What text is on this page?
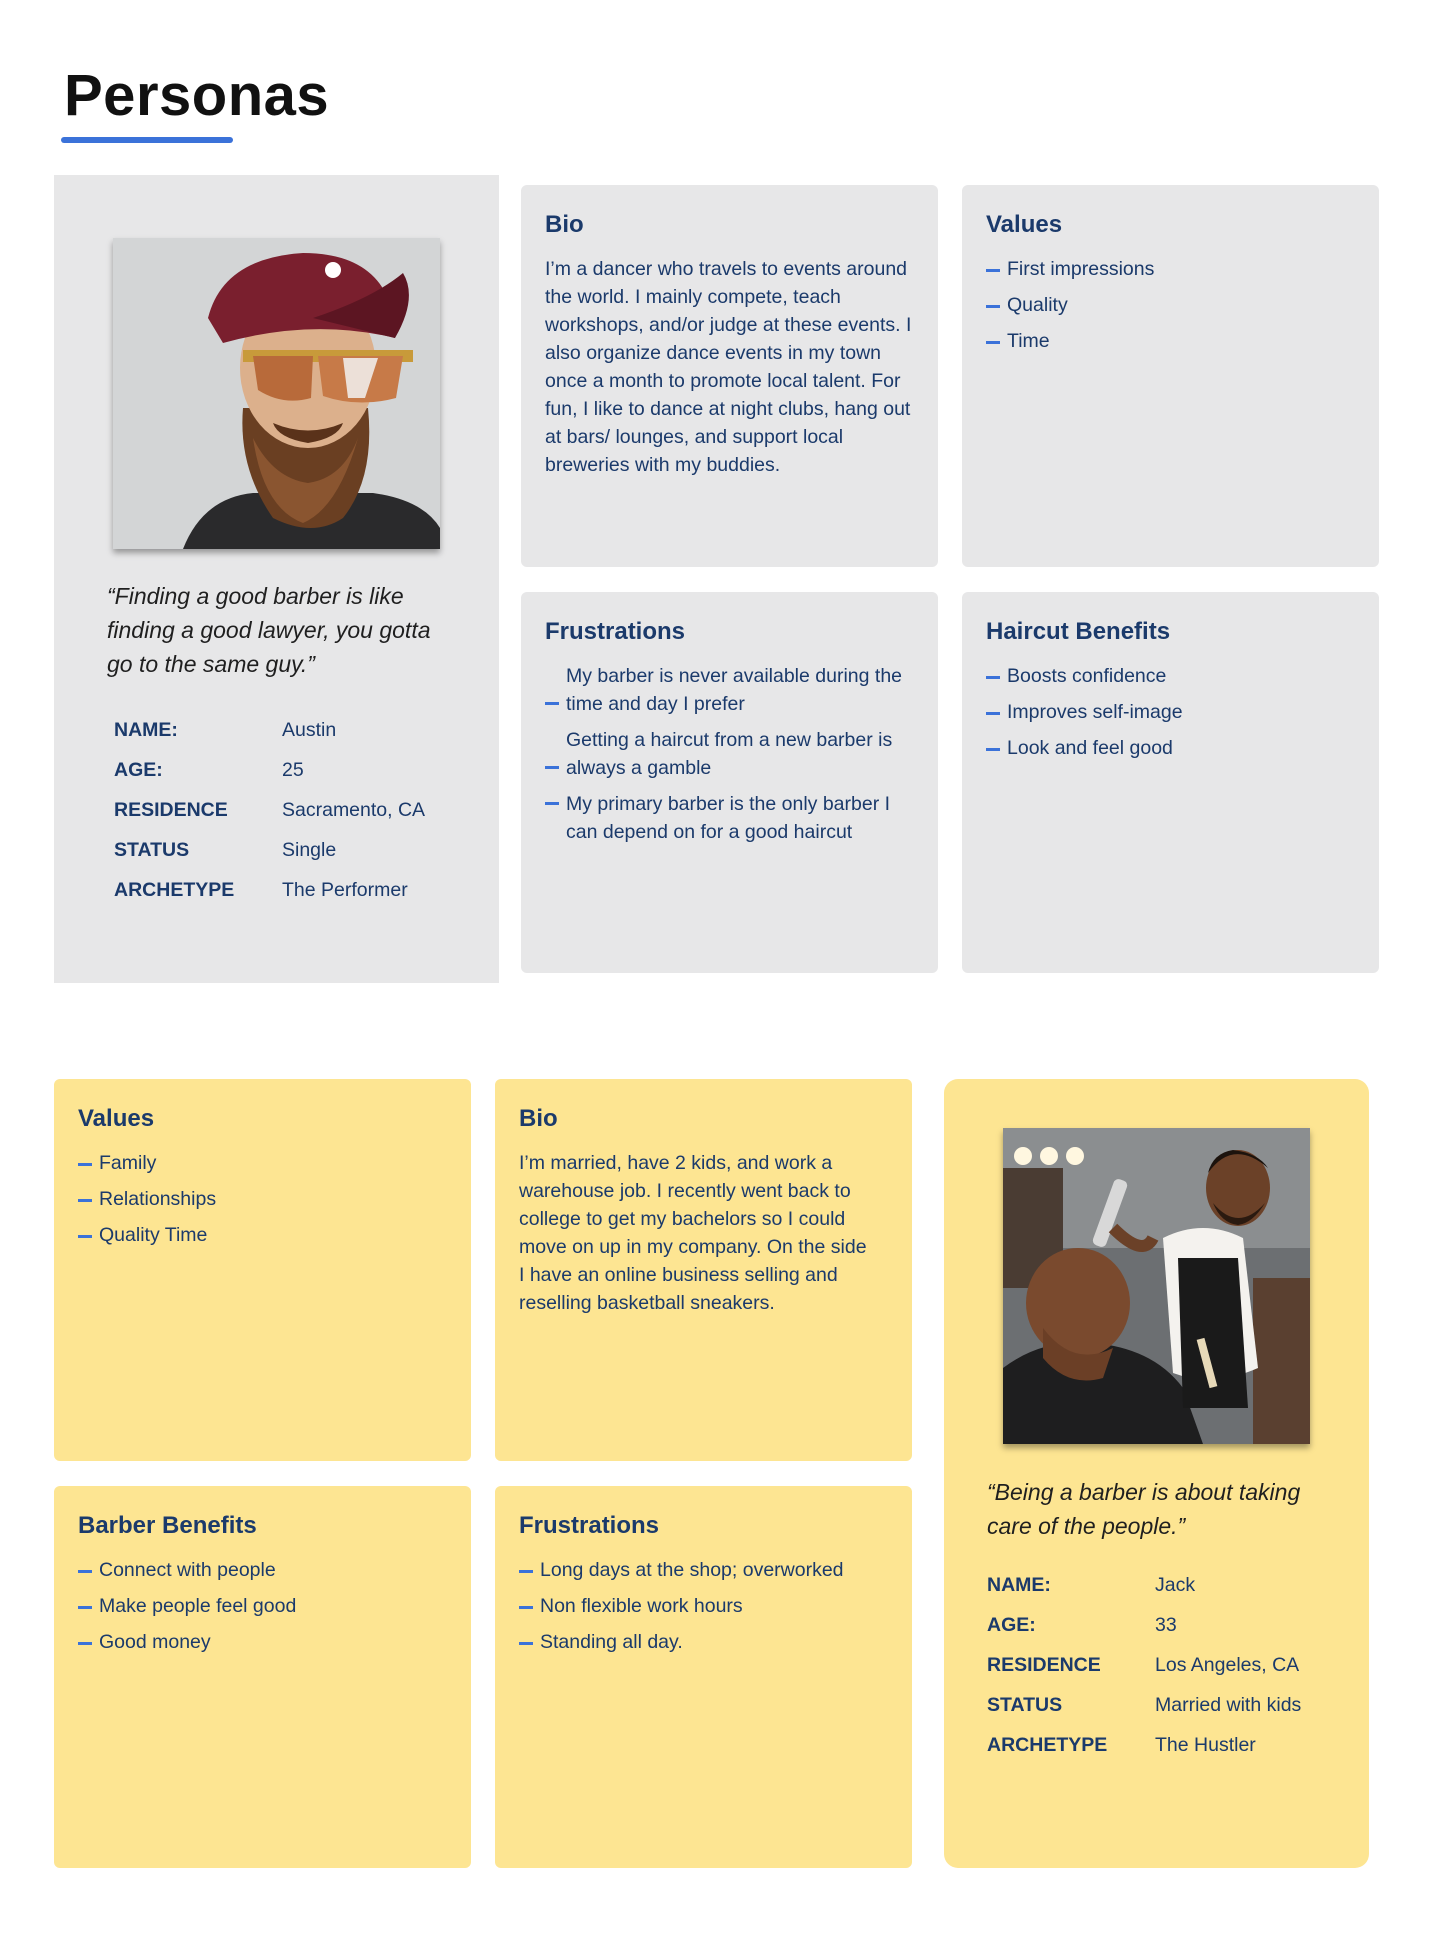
Personas
“Finding a good barber is like finding a good lawyer, you gotta go to the same guy.”
NAME:	Austin
AGE:	25
RESIDENCE	Sacramento, CA
STATUS	Single
ARCHETYPE	The Performer
Bio

I’m a dancer who travels to events around the world. I mainly compete, teach workshops, and/or judge at these events. I also organize dance events in my town once a month to promote local talent. For fun, I like to dance at night clubs, hang out at bars/ lounges, and support local breweries with my buddies.

Values
First impressions
Quality
Time
Frustrations
My barber is never available during the time and day I prefer
Getting a haircut from a new barber is always a gamble
My primary barber is the only barber I can depend on for a good haircut
Haircut Benefits
Boosts confidence
Improves self-image
Look and feel good
Values
Family
Relationships
Quality Time
Bio

I’m married, have 2 kids, and work a warehouse job. I recently went back to college to get my bachelors so I could move on up in my company. On the side I have an online business selling and reselling basketball sneakers.

Barber Benefits
Connect with people
Make people feel good
Good money
Frustrations
Long days at the shop; overworked
Non flexible work hours
Standing all day.
“Being a barber is about taking care of the people.”
NAME:	Jack
AGE:	33
RESIDENCE	Los Angeles, CA
STATUS	Married with kids
ARCHETYPE	The Hustler
